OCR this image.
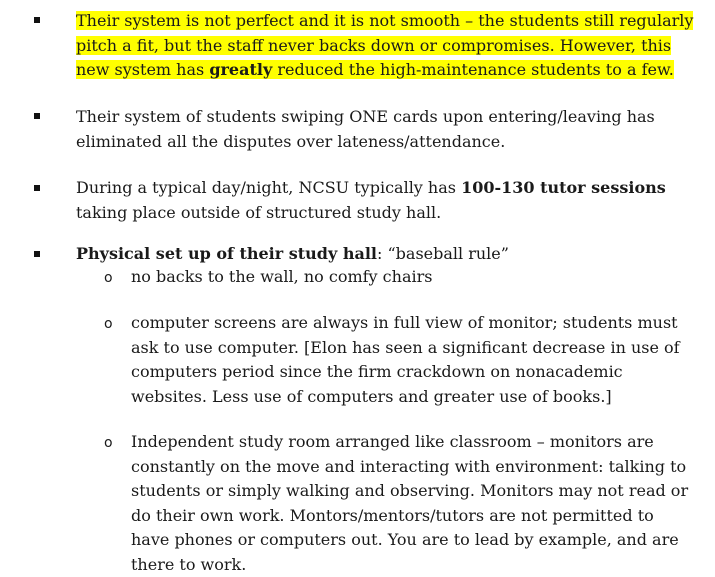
Their system is not perfect and it is not smooth – the students still regularly
pitch a fit, but the staff never backs down or compromises. However, this
new system has greatly reduced the high-maintenance students to a few.
Their system of students swiping ONE cards upon entering/leaving has
eliminated all the disputes over lateness/attendance.
During a typical day/night, NCSU typically has 100-130 tutor sessions
taking place outside of structured study hall.
Physical set up of their study hall: “baseball rule”
o no backs to the wall, no comfy chairs
o computer screens are always in full view of monitor; students must
ask to use computer. [Elon has seen a significant decrease in use of
computers period since the firm crackdown on nonacademic
websites. Less use of computers and greater use of books.]
o Independent study room arranged like classroom – monitors are
constantly on the move and interacting with environment: talking to
students or simply walking and observing. Monitors may not read or
do their own work. Montors/mentors/tutors are not permitted to
have phones or computers out. You are to lead by example, and are
there to work.
